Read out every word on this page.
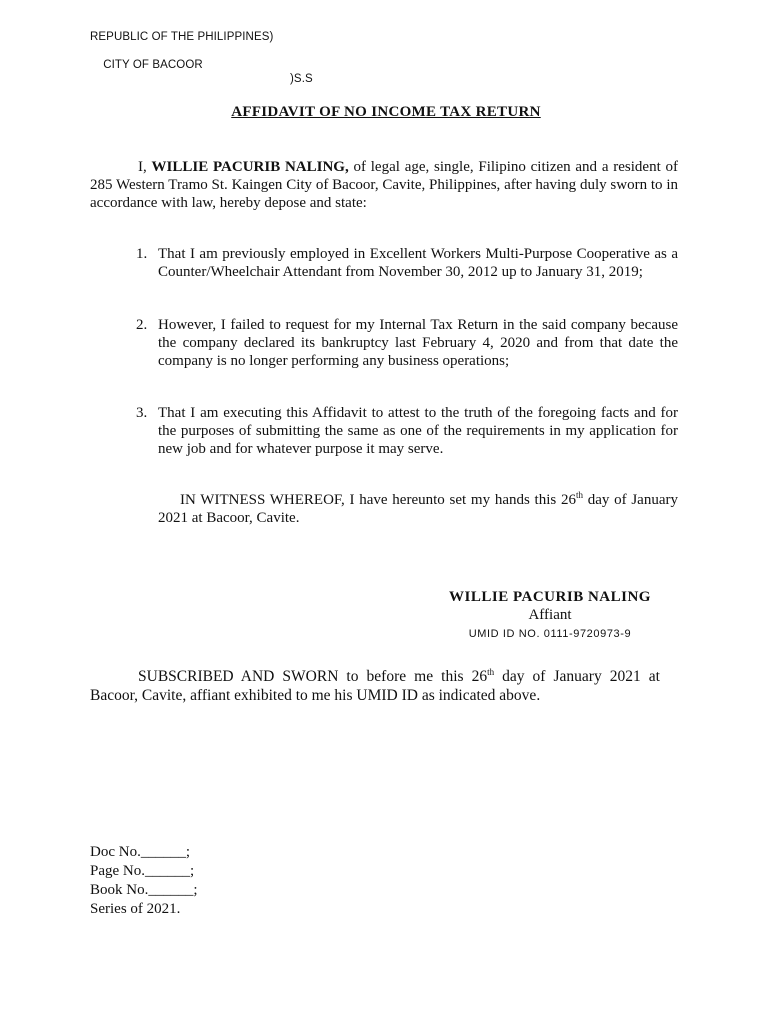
REPUBLIC OF THE PHILIPPINES)

CITY OF BACOOR

)S.S

AFFIDAVIT OF NO INCOME TAX RETURN
I, WILLIE PACURIB NALING, of legal age, single, Filipino citizen and a resident of 285 Western Tramo St. Kaingen City of Bacoor, Cavite, Philippines, after having duly sworn to in accordance with law, hereby depose and state:
1. That I am previously employed in Excellent Workers Multi-Purpose Cooperative as a Counter/Wheelchair Attendant from November 30, 2012 up to January 31, 2019;
2. However, I failed to request for my Internal Tax Return in the said company because the company declared its bankruptcy last February 4, 2020 and from that date the company is no longer performing any business operations;
3. That I am executing this Affidavit to attest to the truth of the foregoing facts and for the purposes of submitting the same as one of the requirements in my application for new job and for whatever purpose it may serve.
IN WITNESS WHEREOF, I have hereunto set my hands this 26th day of January 2021 at Bacoor, Cavite.
WILLIE PACURIB NALING
Affiant
UMID ID NO. 0111-9720973-9
SUBSCRIBED AND SWORN to before me this 26th day of January 2021 at Bacoor, Cavite, affiant exhibited to me his UMID ID as indicated above.
Doc No.______;
Page No.______;
Book No.______;
Series of 2021.
